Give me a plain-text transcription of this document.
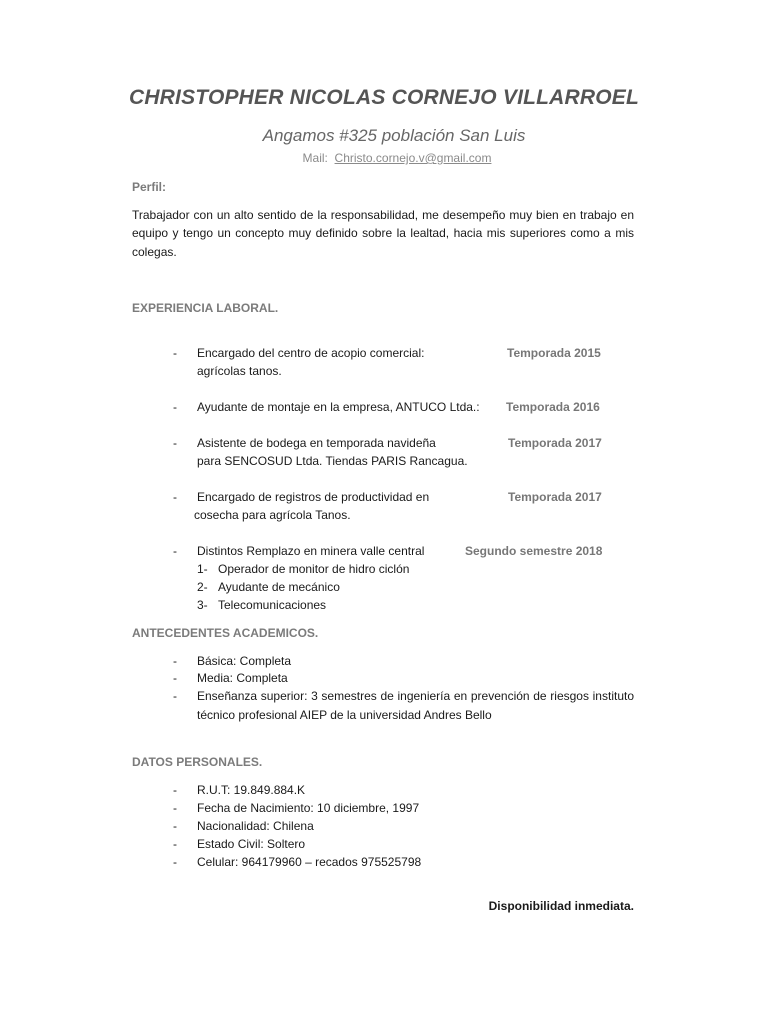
CHRISTOPHER NICOLAS CORNEJO VILLARROEL
Angamos #325 población San Luis
Mail: Christo.cornejo.v@gmail.com
Perfil:
Trabajador con un alto sentido de la responsabilidad, me desempeño muy bien en trabajo en equipo y tengo un concepto muy definido sobre la lealtad, hacia mis superiores como a mis colegas.
EXPERIENCIA LABORAL.
- Encargado del centro de acopio comercial:	Temporada 2015
agrícolas tanos.
- Ayudante de montaje en la empresa, ANTUCO Ltda.: Temporada 2016
- Asistente de bodega en temporada navideña	Temporada 2017
para SENCOSUD Ltda. Tiendas PARIS Rancagua.
- Encargado de registros de productividad en	Temporada 2017
cosecha para agrícola Tanos.
- Distintos Remplazo en minera valle central	Segundo semestre 2018
1- Operador de monitor de hidro ciclón
2- Ayudante de mecánico
3- Telecomunicaciones
ANTECEDENTES ACADEMICOS.
- Básica: Completa
- Media: Completa
- Enseñanza superior: 3 semestres de ingeniería en prevención de riesgos instituto técnico profesional AIEP de la universidad Andres Bello
DATOS PERSONALES.
- R.U.T: 19.849.884.K
- Fecha de Nacimiento: 10 diciembre, 1997
- Nacionalidad: Chilena
- Estado Civil: Soltero
- Celular: 964179960 – recados 975525798
Disponibilidad inmediata.
